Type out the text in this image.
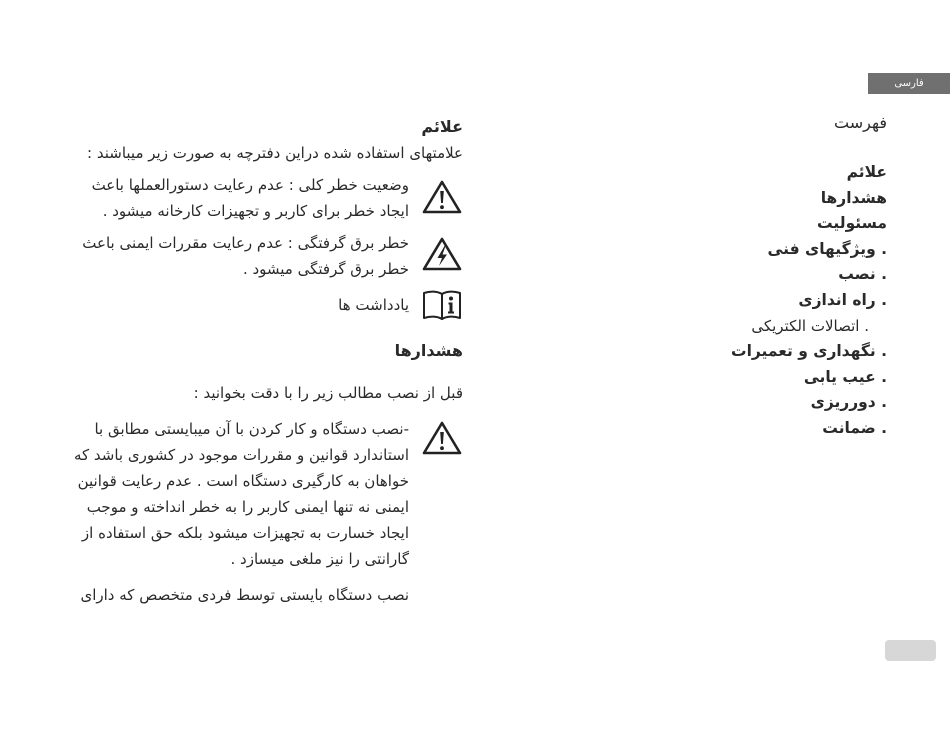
فارسی
فهرست
علائم
هشدارها
مسئولیت
. ویژگیهای فنی
. نصب
. راه اندازی
. اتصالات الکتریکی
. نگهداری و تعمیرات
. عیب یابی
. دورریزی
. ضمانت
علائم

علامتهای استفاده شده دراین دفترچه به صورت زیر میباشند :

وضعیت خطر کلی : عدم رعایت دستورالعملها باعث
ایجاد خطر برای کاربر و تجهیزات کارخانه میشود .
خطر برق گرفتگی : عدم رعایت مقررات ایمنی باعث
خطر برق گرفتگی میشود .
یادداشت ها
هشدارها

قبل از نصب مطالب زیر را با دقت بخوانید :

-نصب دستگاه و کار کردن با آن میبایستی مطابق با
استاندارد قوانین و مقررات موجود در کشوری باشد که
خواهان به کارگیری دستگاه است . عدم رعایت قوانین
ایمنی نه تنها ایمنی کاربر را به خطر انداخته و موجب
ایجاد خسارت به تجهیزات میشود بلکه حق استفاده از
گارانتی را نیز ملغی میسازد .

نصب دستگاه بایستی توسط فردی متخصص که دارای
